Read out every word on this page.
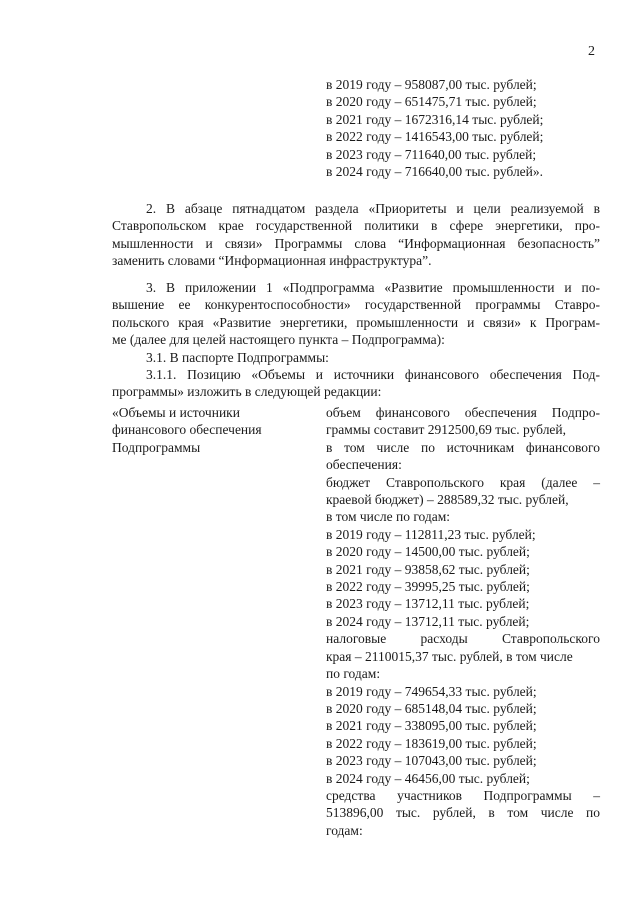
2
в 2019 году – 958087,00 тыс. рублей;
в 2020 году – 651475,71 тыс. рублей;
в 2021 году – 1672316,14 тыс. рублей;
в 2022 году – 1416543,00 тыс. рублей;
в 2023 году – 711640,00 тыс. рублей;
в 2024 году – 716640,00 тыс. рублей».
2. В абзаце пятнадцатом раздела «Приоритеты и цели реализуемой в
Ставропольском крае государственной политики в сфере энергетики, про-
мышленности и связи» Программы слова “Информационная безопасность”
заменить словами “Информационная инфраструктура”.
3. В приложении 1 «Подпрограмма «Развитие промышленности и по-
вышение ее конкурентоспособности» государственной программы Ставро-
польского края «Развитие энергетики, промышленности и связи» к Програм-
ме (далее для целей настоящего пункта – Подпрограмма):
3.1. В паспорте Подпрограммы:
3.1.1. Позицию «Объемы и источники финансового обеспечения Под-
программы» изложить в следующей редакции:
«Объемы и источники
финансового обеспечения
Подпрограммы
объем финансового обеспечения Подпро-
граммы составит 2912500,69 тыс. рублей,
в том числе по источникам финансового
обеспечения:
бюджет Ставропольского края (далее –
краевой бюджет) – 288589,32 тыс. рублей,
в том числе по годам:
в 2019 году – 112811,23 тыс. рублей;
в 2020 году – 14500,00 тыс. рублей;
в 2021 году – 93858,62 тыс. рублей;
в 2022 году – 39995,25 тыс. рублей;
в 2023 году – 13712,11 тыс. рублей;
в 2024 году – 13712,11 тыс. рублей;
налоговые расходы Ставропольского
края – 2110015,37 тыс. рублей, в том числе
по годам:
в 2019 году – 749654,33 тыс. рублей;
в 2020 году – 685148,04 тыс. рублей;
в 2021 году – 338095,00 тыс. рублей;
в 2022 году – 183619,00 тыс. рублей;
в 2023 году – 107043,00 тыс. рублей;
в 2024 году – 46456,00 тыс. рублей;
средства участников Подпрограммы –
513896,00 тыс. рублей, в том числе по
годам:
